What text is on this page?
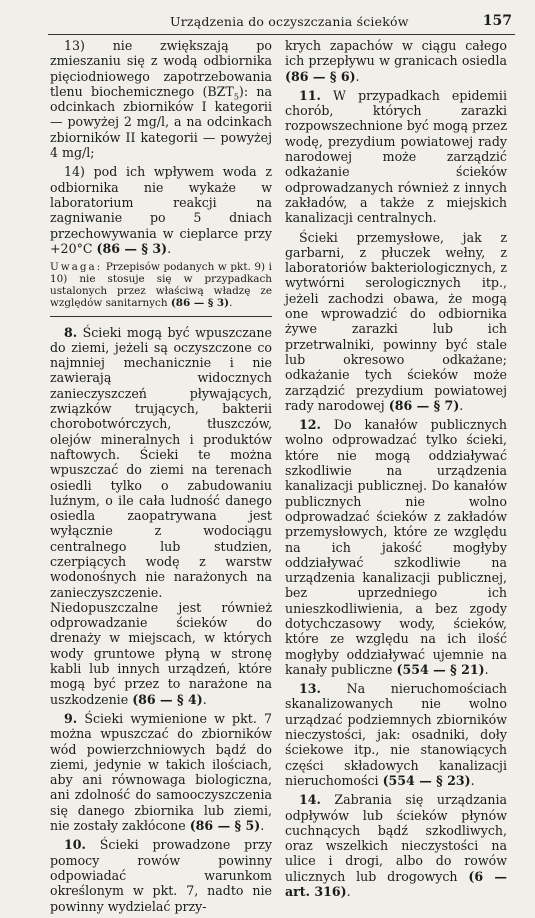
Urządzenia do oczyszczania ścieków	157

13) nie zwiększają po zmieszaniu się z wodą odbiornika pięciodniowego zapotrzebowania tlenu biochemicznego $(BZT_5)$: na odcinkach zbiorników I kategorii — powyżej 2 mg/l, a na odcinkach zbiorników II kategorii — powyżej 4 mg/l;

14) pod ich wpływem woda z odbiornika nie wykaże w laboratorium reakcji na zagniwanie po 5 dniach przechowywania w cieplarce przy +20°C (86 — § 3).

Uwaga: Przepisów podanych w pkt. 9) i 10) nie stosuje się w przypadkach ustalonych przez właściwą władzę ze względów sanitarnych (86 — § 3).

8. Ścieki mogą być wpuszczane do ziemi, jeżeli są oczyszczone co najmniej mechanicznie i nie zawierają widocznych zanieczyszczeń pływających, związków trujących, bakterii chorobotwórczych, tłuszczów, olejów mineralnych i produktów naftowych. Ścieki te można wpuszczać do ziemi na terenach osiedli tylko o zabudowaniu luźnym, o ile cała ludność danego osiedla zaopatrywana jest wyłącznie z wodociągu centralnego lub studzien, czerpiących wodę z warstw wodonośnych nie narażonych na zanieczyszczenie. Niedopuszczalne jest również odprowadzanie ścieków do drenaży w miejscach, w których wody gruntowe płyną w stronę kabli lub innych urządzeń, które mogą być przez to narażone na uszkodzenie (86 — § 4).

9. Ścieki wymienione w pkt. 7 można wpuszczać do zbiorników wód powierzchniowych bądź do ziemi, jedynie w takich ilościach, aby ani równowaga biologiczna, ani zdolność do samooczyszczenia się danego zbiornika lub ziemi, nie zostały zakłócone (86 — § 5).

10. Ścieki prowadzone przy pomocy rowów powinny odpowiadać warunkom określonym w pkt. 7, nadto nie powinny wydzielać przy-

krych zapachów w ciągu całego ich przepływu w granicach osiedla (86 — § 6).

11. W przypadkach epidemii chorób, których zarazki rozpowszechnione być mogą przez wodę, prezydium powiatowej rady narodowej może zarządzić odkażanie ścieków odprowadzanych również z innych zakładów, a także z miejskich kanalizacji centralnych.

Ścieki przemysłowe, jak z garbarni, z płuczek wełny, z laboratoriów bakteriologicznych, z wytwórni serologicznych itp., jeżeli zachodzi obawa, że mogą one wprowadzić do odbiornika żywe zarazki lub ich przetrwalniki, powinny być stale lub okresowo odkażane; odkażanie tych ścieków może zarządzić prezydium powiatowej rady narodowej (86 — § 7).

12. Do kanałów publicznych wolno odprowadzać tylko ścieki, które nie mogą oddziaływać szkodliwie na urządzenia kanalizacji publicznej. Do kanałów publicznych nie wolno odprowadzać ścieków z zakładów przemysłowych, które ze względu na ich jakość mogłyby oddziaływać szkodliwie na urządzenia kanalizacji publicznej, bez uprzedniego ich unieszkodliwienia, a bez zgody dotychczasowy wody, ścieków, które ze względu na ich ilość mogłyby oddziaływać ujemnie na kanały publiczne (554 — § 21).

13. Na nieruchomościach skanalizowanych nie wolno urządzać podziemnych zbiorników nieczystości, jak: osadniki, doły ściekowe itp., nie stanowiących części składowych kanalizacji nieruchomości (554 — § 23).

14. Zabrania się urządzania odpływów lub ścieków płynów cuchnących bądź szkodliwych, oraz wszelkich nieczystości na ulice i drogi, albo do rowów ulicznych lub drogowych (6 — art. 316).
